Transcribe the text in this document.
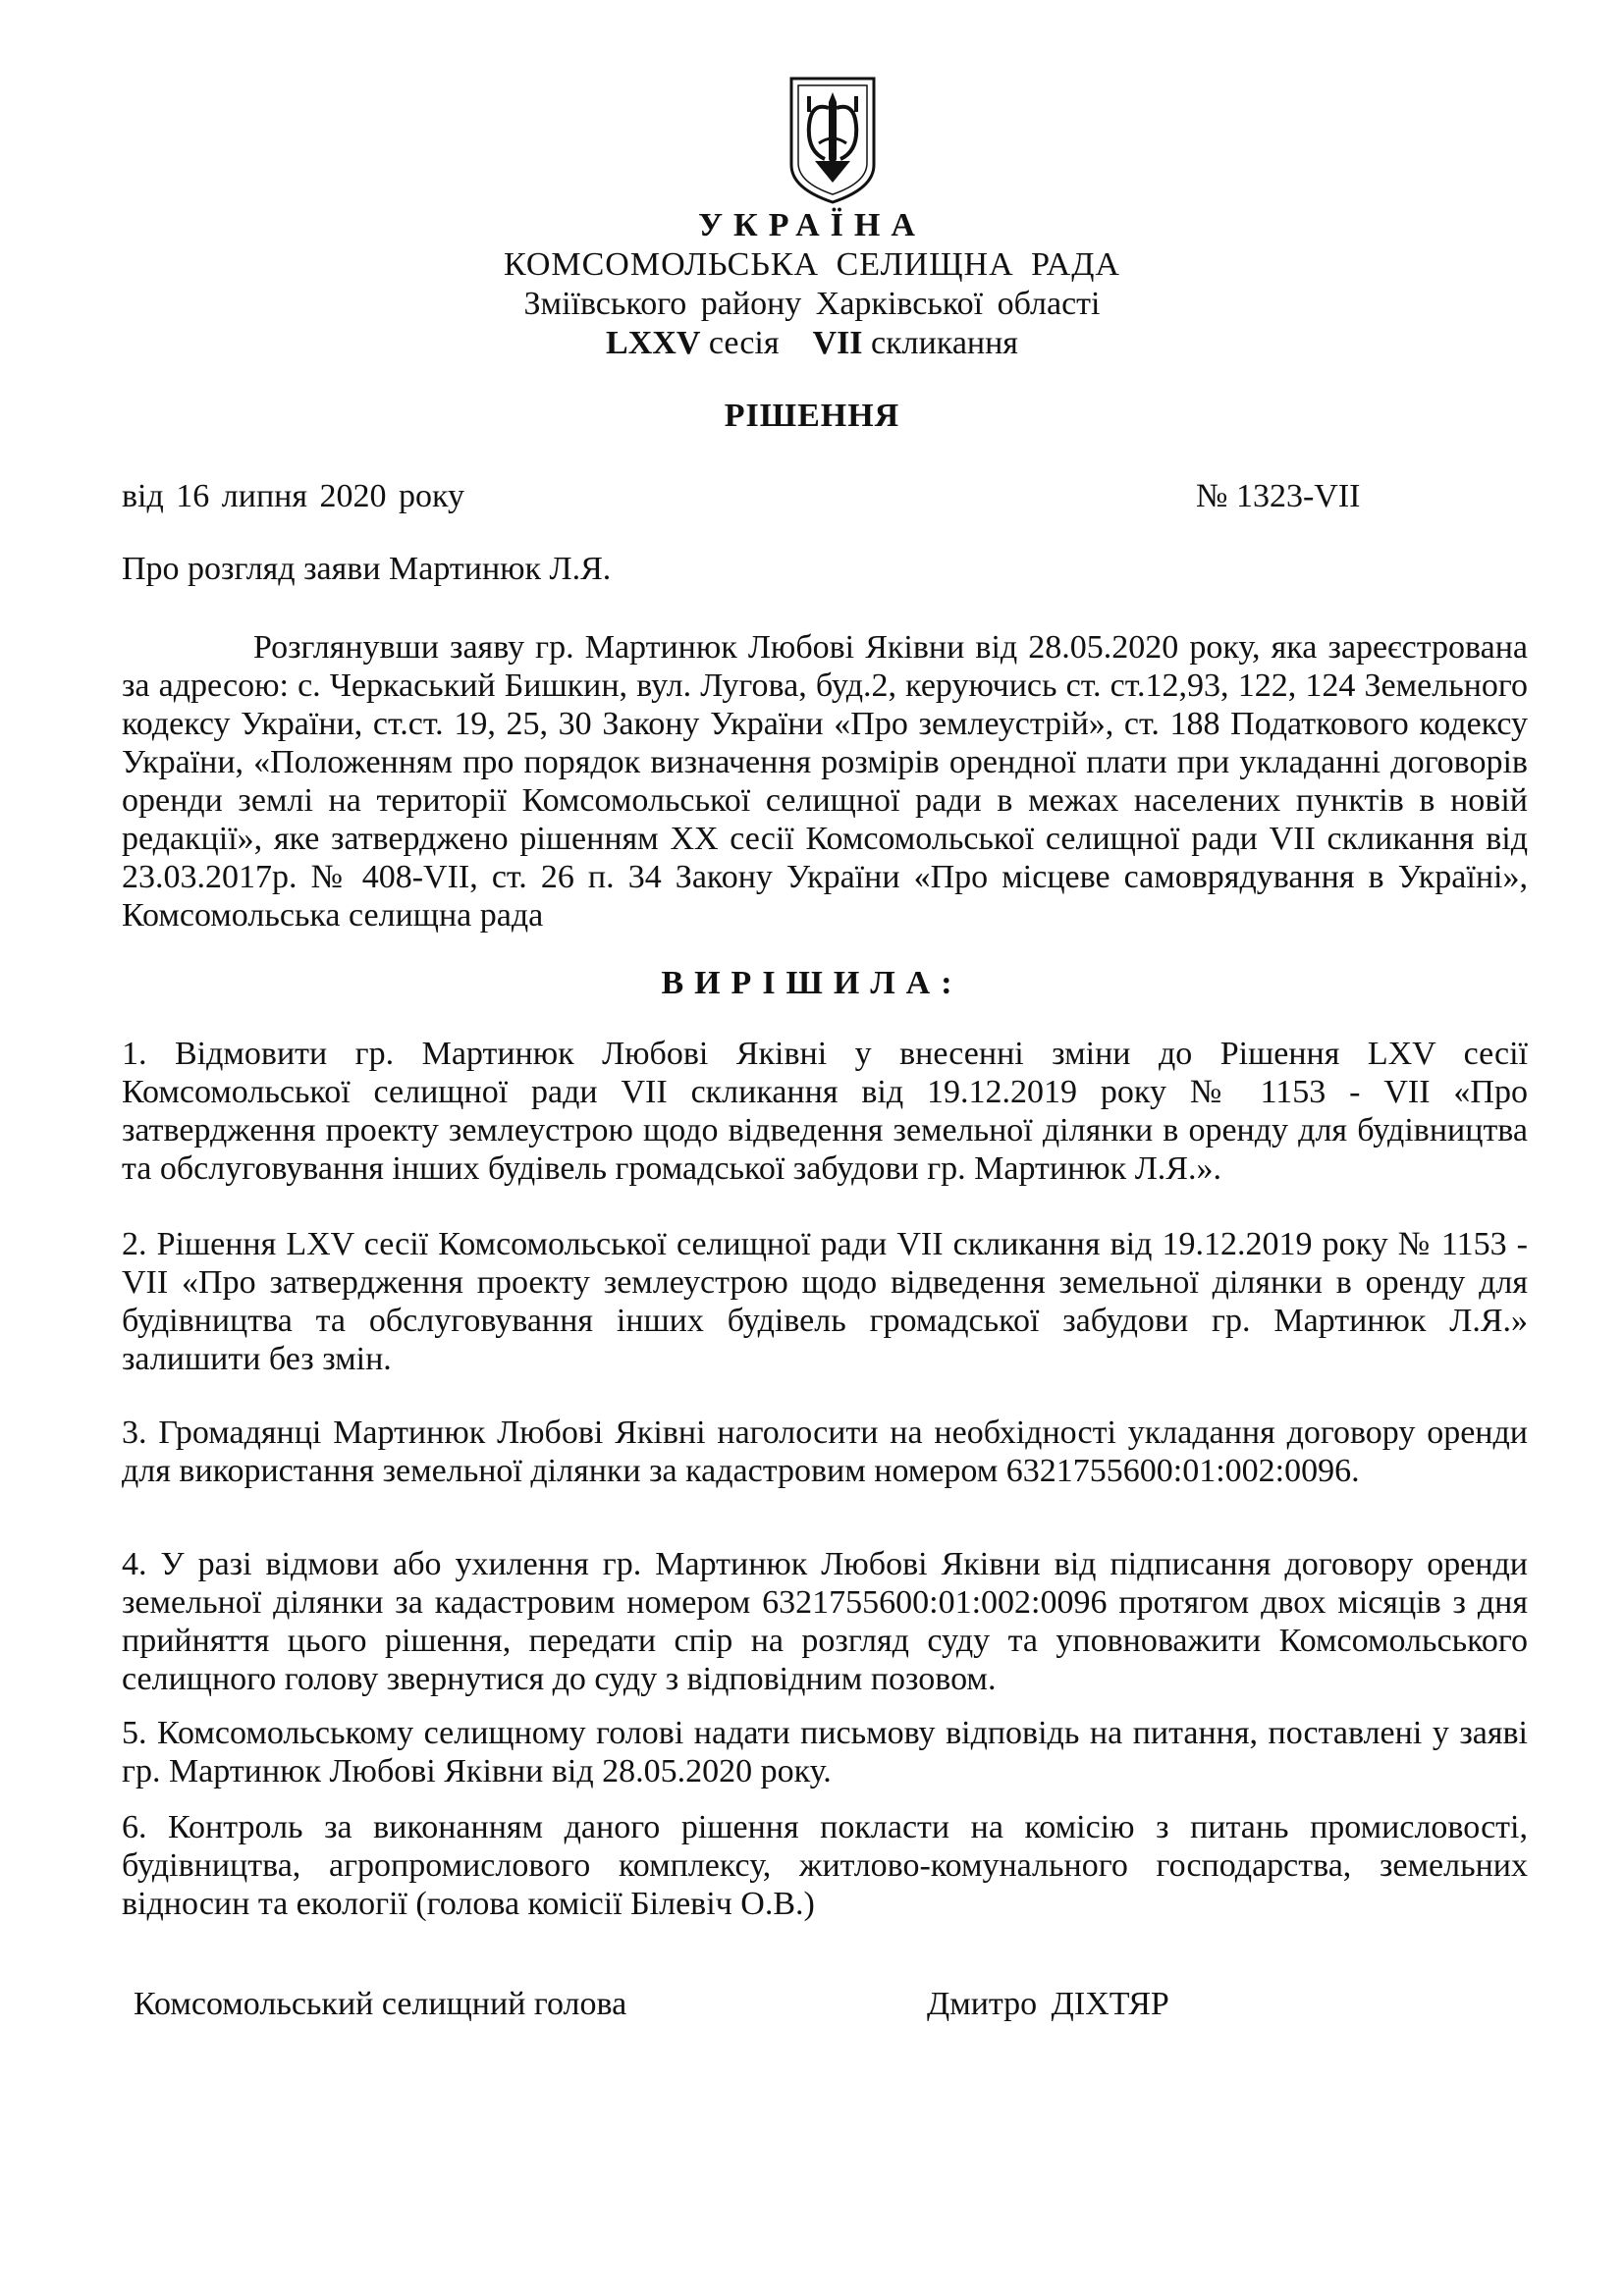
УКРАЇНА
КОМСОМОЛЬСЬКА СЕЛИЩНА РАДА
Зміївського району Харківської області
LXXV сесія VII скликання
РІШЕННЯ
від 16 липня 2020 року	№ 1323-VII
Про розгляд заяви Мартинюк Л.Я.
Розглянувши заяву гр. Мартинюк Любові Яківни від 28.05.2020 року, яка зареєстрована за адресою: с. Черкаський Бишкин, вул. Лугова, буд.2, керуючись ст. ст.12,93, 122, 124 Земельного кодексу України, ст.ст. 19, 25, 30 Закону України «Про землеустрій», ст. 188 Податкового кодексу України, «Положенням про порядок визначення розмірів орендної плати при укладанні договорів оренди землі на території Комсомольської селищної ради в межах населених пунктів в новій редакції», яке затверджено рішенням XX сесії Комсомольської селищної ради VII скликання від 23.03.2017р. № 408-VII, ст. 26 п. 34 Закону України «Про місцеве самоврядування в Україні», Комсомольська селищна рада
ВИРІШИЛА:
1. Відмовити гр. Мартинюк Любові Яківні у внесенні зміни до Рішення LXV сесії Комсомольської селищної ради VII скликання від 19.12.2019 року № 1153 - VII «Про затвердження проекту землеустрою щодо відведення земельної ділянки в оренду для будівництва та обслуговування інших будівель громадської забудови гр. Мартинюк Л.Я.».
2. Рішення LXV сесії Комсомольської селищної ради VII скликання від 19.12.2019 року № 1153 - VII «Про затвердження проекту землеустрою щодо відведення земельної ділянки в оренду для будівництва та обслуговування інших будівель громадської забудови гр. Мартинюк Л.Я.» залишити без змін.
3. Громадянці Мартинюк Любові Яківні наголосити на необхідності укладання договору оренди для використання земельної ділянки за кадастровим номером 6321755600:01:002:0096.
4. У разі відмови або ухилення гр. Мартинюк Любові Яківни від підписання договору оренди земельної ділянки за кадастровим номером 6321755600:01:002:0096 протягом двох місяців з дня прийняття цього рішення, передати спір на розгляд суду та уповноважити Комсомольського селищного голову звернутися до суду з відповідним позовом.
5. Комсомольському селищному голові надати письмову відповідь на питання, поставлені у заяві гр. Мартинюк Любові Яківни від 28.05.2020 року.
6. Контроль за виконанням даного рішення покласти на комісію з питань промисловості, будівництва, агропромислового комплексу, житлово-комунального господарства, земельних відносин та екології (голова комісії Білевіч О.В.)
Комсомольський селищний голова	Дмитро ДІХТЯР
